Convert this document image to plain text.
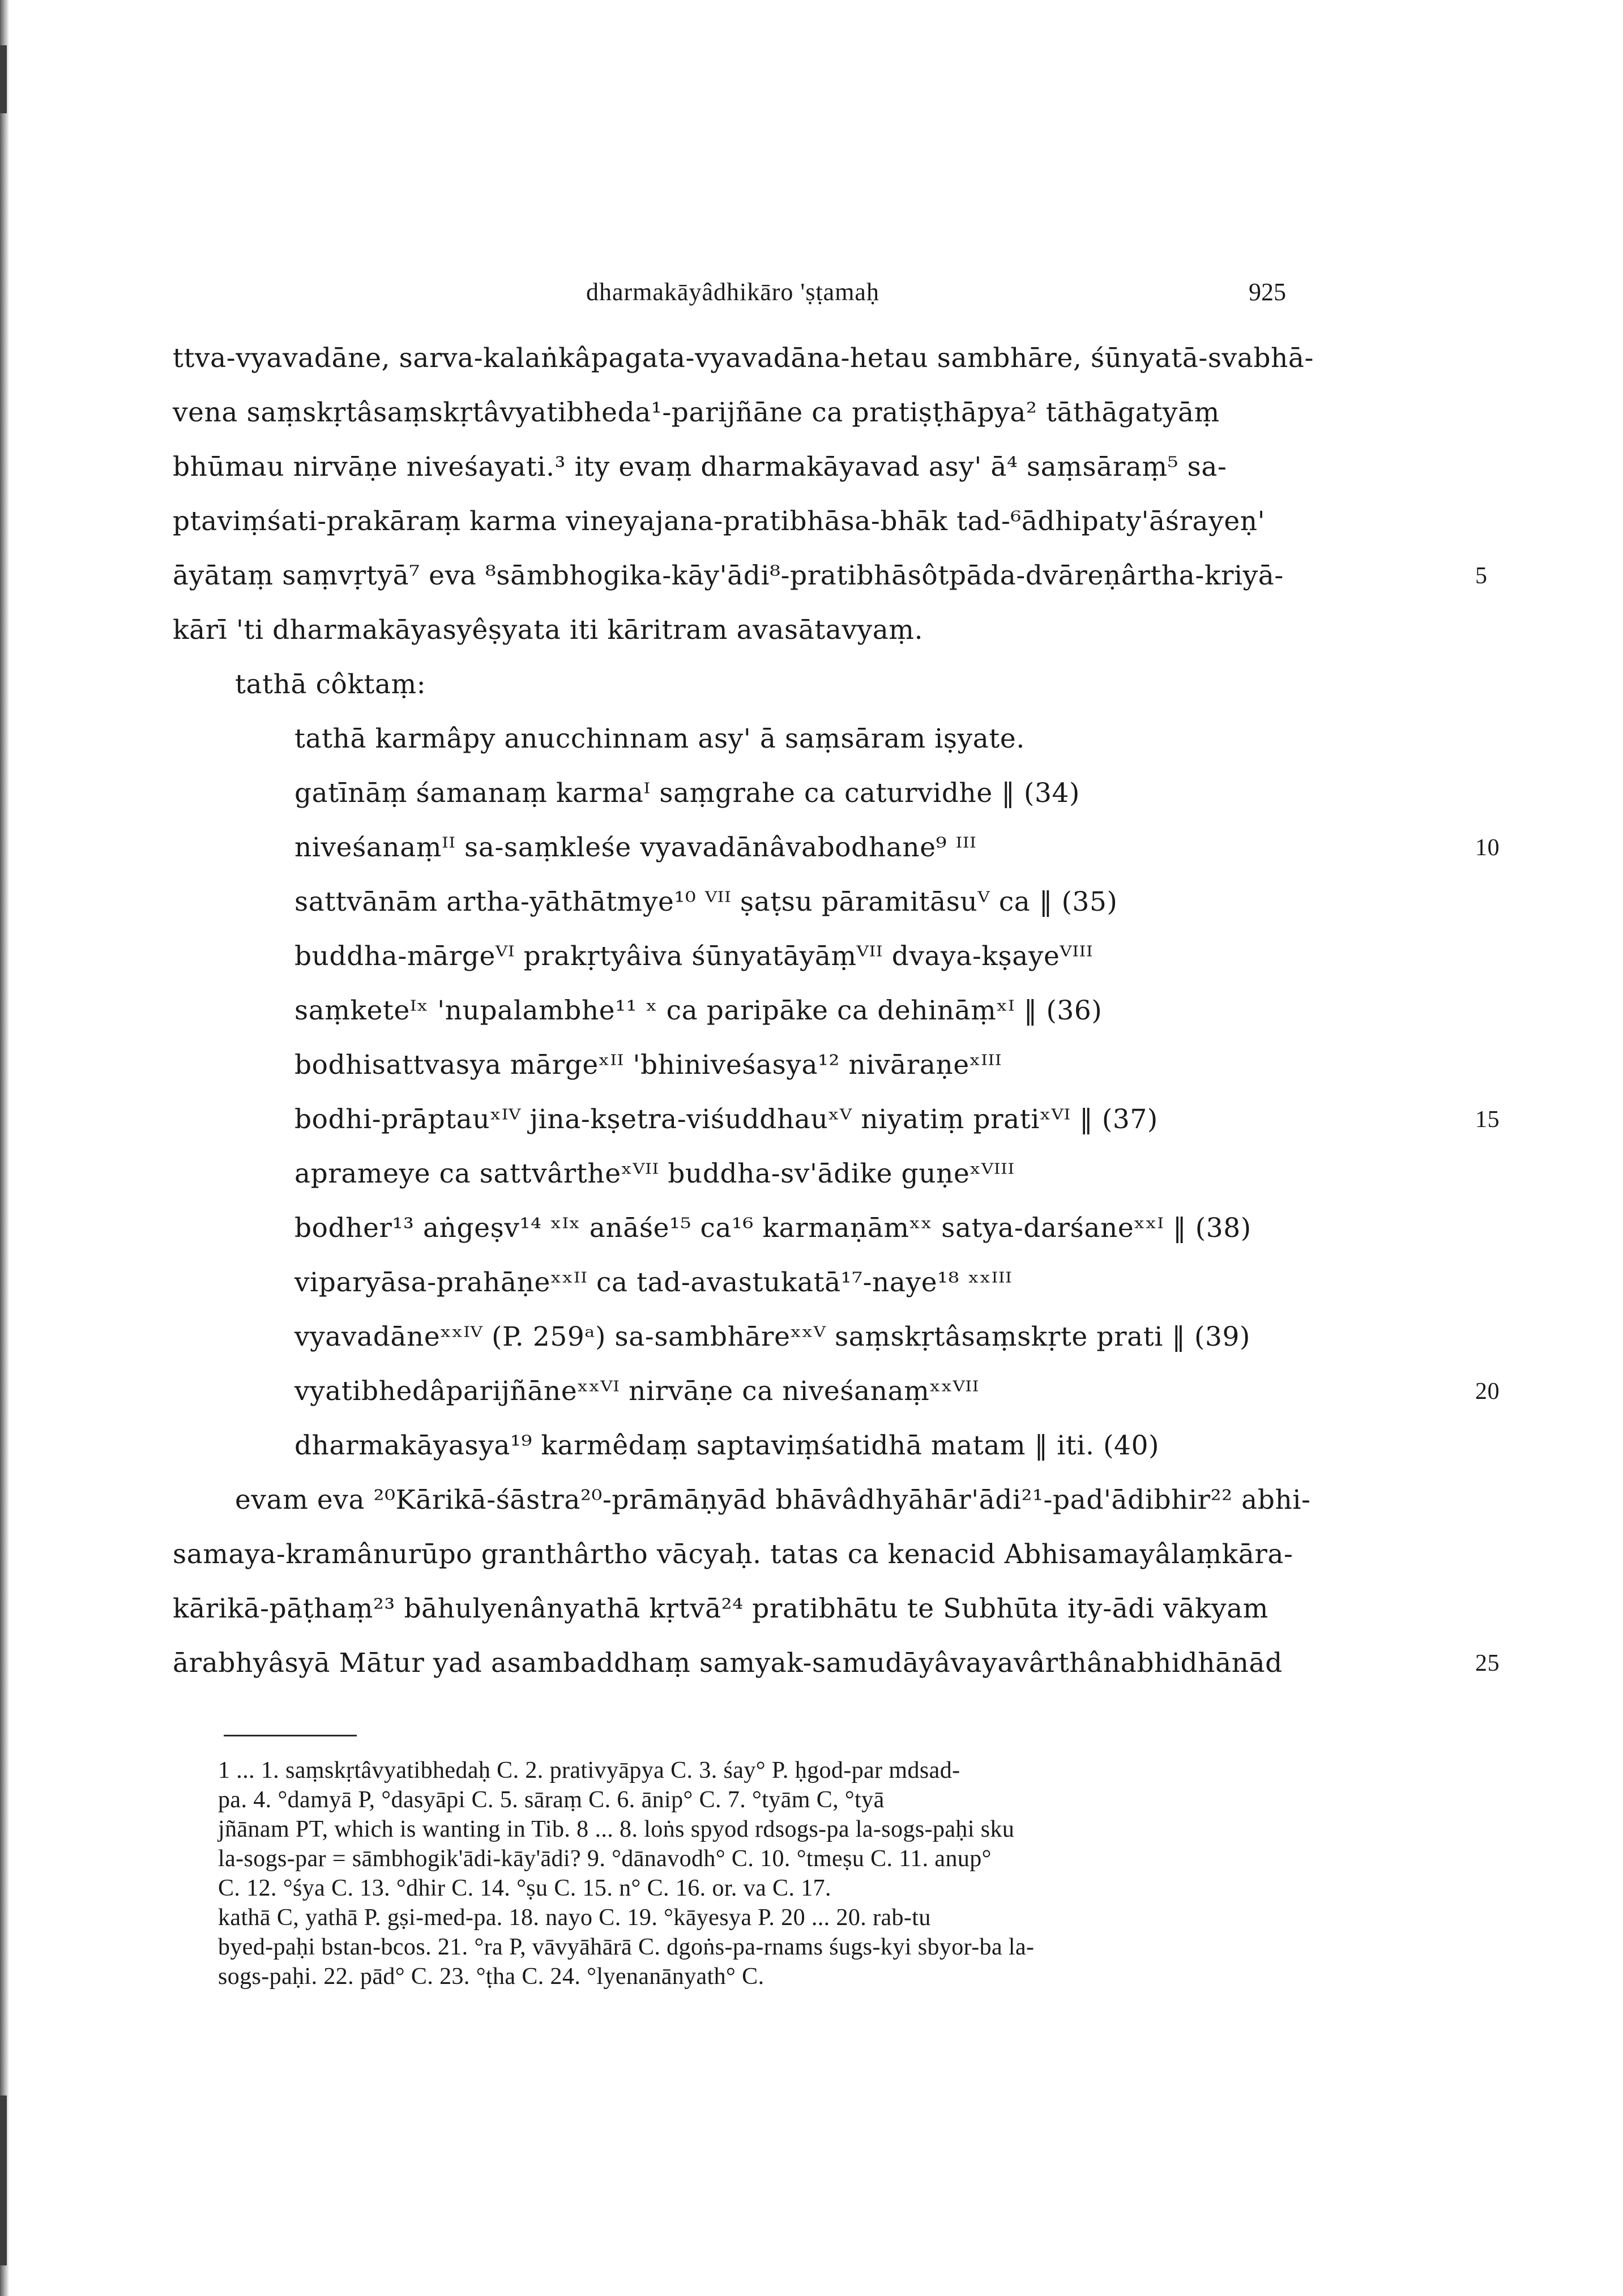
dharmakāyâdhikāro 'ṣṭamaḥ	925
ttva-vyavadāne, sarva-kalaṅkâpagata-vyavadāna-hetau sambhāre, śūnyatā-svabhā-
vena saṃskṛtâsaṃskṛtâvyatibheda¹-parijñāne ca pratiṣṭhāpya² tāthāgatyāṃ
bhūmau nirvāṇe niveśayati.³ ity evaṃ dharmakāyavad asy' ā⁴ saṃsāraṃ⁵ sa-
ptaviṃśati-prakāraṃ karma vineyajana-pratibhāsa-bhāk tad-⁶ādhipaty'āśrayeṇ'
āyātaṃ saṃvṛtyā⁷ eva ⁸sāmbhogika-kāy'ādi⁸-pratibhāsôtpāda-dvāreṇârtha-kriyā-	5
kārī 'ti dharmakāyasyêṣyata iti kāritram avasātavyaṃ.
tathā côktaṃ:
tathā karmâpy anucchinnam asy' ā saṃsāram iṣyate.
gatīnāṃ śamanaṃ karmaᴵ saṃgrahe ca caturvidhe ‖ (34)
niveśanaṃᴵᴵ sa-saṃkleśe vyavadānâvabodhane⁹ ᴵᴵᴵ	10
sattvānām artha-yāthātmye¹⁰ ⱽᴵᴵ ṣaṭsu pāramitāsuⱽ ca ‖ (35)
buddha-mārgeⱽᴵ prakṛtyâiva śūnyatāyāṃⱽᴵᴵ dvaya-kṣayeⱽᴵᴵᴵ
saṃketeᴵˣ 'nupalambhe¹¹ ˣ ca paripāke ca dehināṃˣᴵ ‖ (36)
bodhisattvasya mārgeˣᴵᴵ 'bhiniveśasya¹² nivāraṇeˣᴵᴵᴵ
bodhi-prāptauˣᴵⱽ jina-kṣetra-viśuddhauˣⱽ niyatiṃ pratiˣⱽᴵ ‖ (37)	15
aprameye ca sattvârtheˣⱽᴵᴵ buddha-sv'ādike guṇeˣⱽᴵᴵᴵ
bodher¹³ aṅgeṣv¹⁴ ˣᴵˣ anāśe¹⁵ ca¹⁶ karmaṇāmˣˣ satya-darśaneˣˣᴵ ‖ (38)
viparyāsa-prahāṇeˣˣᴵᴵ ca tad-avastukatā¹⁷-naye¹⁸ ˣˣᴵᴵᴵ
vyavadāneˣˣᴵⱽ (P. 259ᵃ) sa-sambhāreˣˣⱽ saṃskṛtâsaṃskṛte prati ‖ (39)
vyatibhedâparijñāneˣˣⱽᴵ nirvāṇe ca niveśanaṃˣˣⱽᴵᴵ	20
dharmakāyasya¹⁹ karmêdaṃ saptaviṃśatidhā matam ‖ iti. (40)
evam eva ²⁰Kārikā-śāstra²⁰-prāmāṇyād bhāvâdhyāhār'ādi²¹-pad'ādibhir²² abhi-
samaya-kramânurūpo granthârtho vācyaḥ. tatas ca kenacid Abhisamayâlaṃkāra-
kārikā-pāṭhaṃ²³ bāhulyenânyathā kṛtvā²⁴ pratibhātu te Subhūta ity-ādi vākyam
ārabhyâsyā Mātur yad asambaddhaṃ samyak-samudāyâvayavârthânabhidhānād	25
1 ... 1. saṃskṛtâvyatibhedaḥ C. 2. prativyāpya C. 3. śay° P. ḥgod-par mdsad-
pa. 4. °damyā P, °dasyāpi C. 5. sāraṃ C. 6. ānip° C. 7. °tyām C, °tyā
jñānam PT, which is wanting in Tib. 8 ... 8. loṅs spyod rdsogs-pa la-sogs-paḥi sku
la-sogs-par = sāmbhogik'ādi-kāy'ādi? 9. °dānavodh° C. 10. °tmeṣu C. 11. anup°
C. 12. °śya C. 13. °dhir C. 14. °ṣu C. 15. n° C. 16. or. va C. 17.
kathā C, yathā P. gṣi-med-pa. 18. nayo C. 19. °kāyesya P. 20 ... 20. rab-tu
byed-paḥi bstan-bcos. 21. °ra P, vāvyāhārā C. dgoṅs-pa-rnams śugs-kyi sbyor-ba la-
sogs-paḥi. 22. pād° C. 23. °ṭha C. 24. °lyenanānyath° C.
